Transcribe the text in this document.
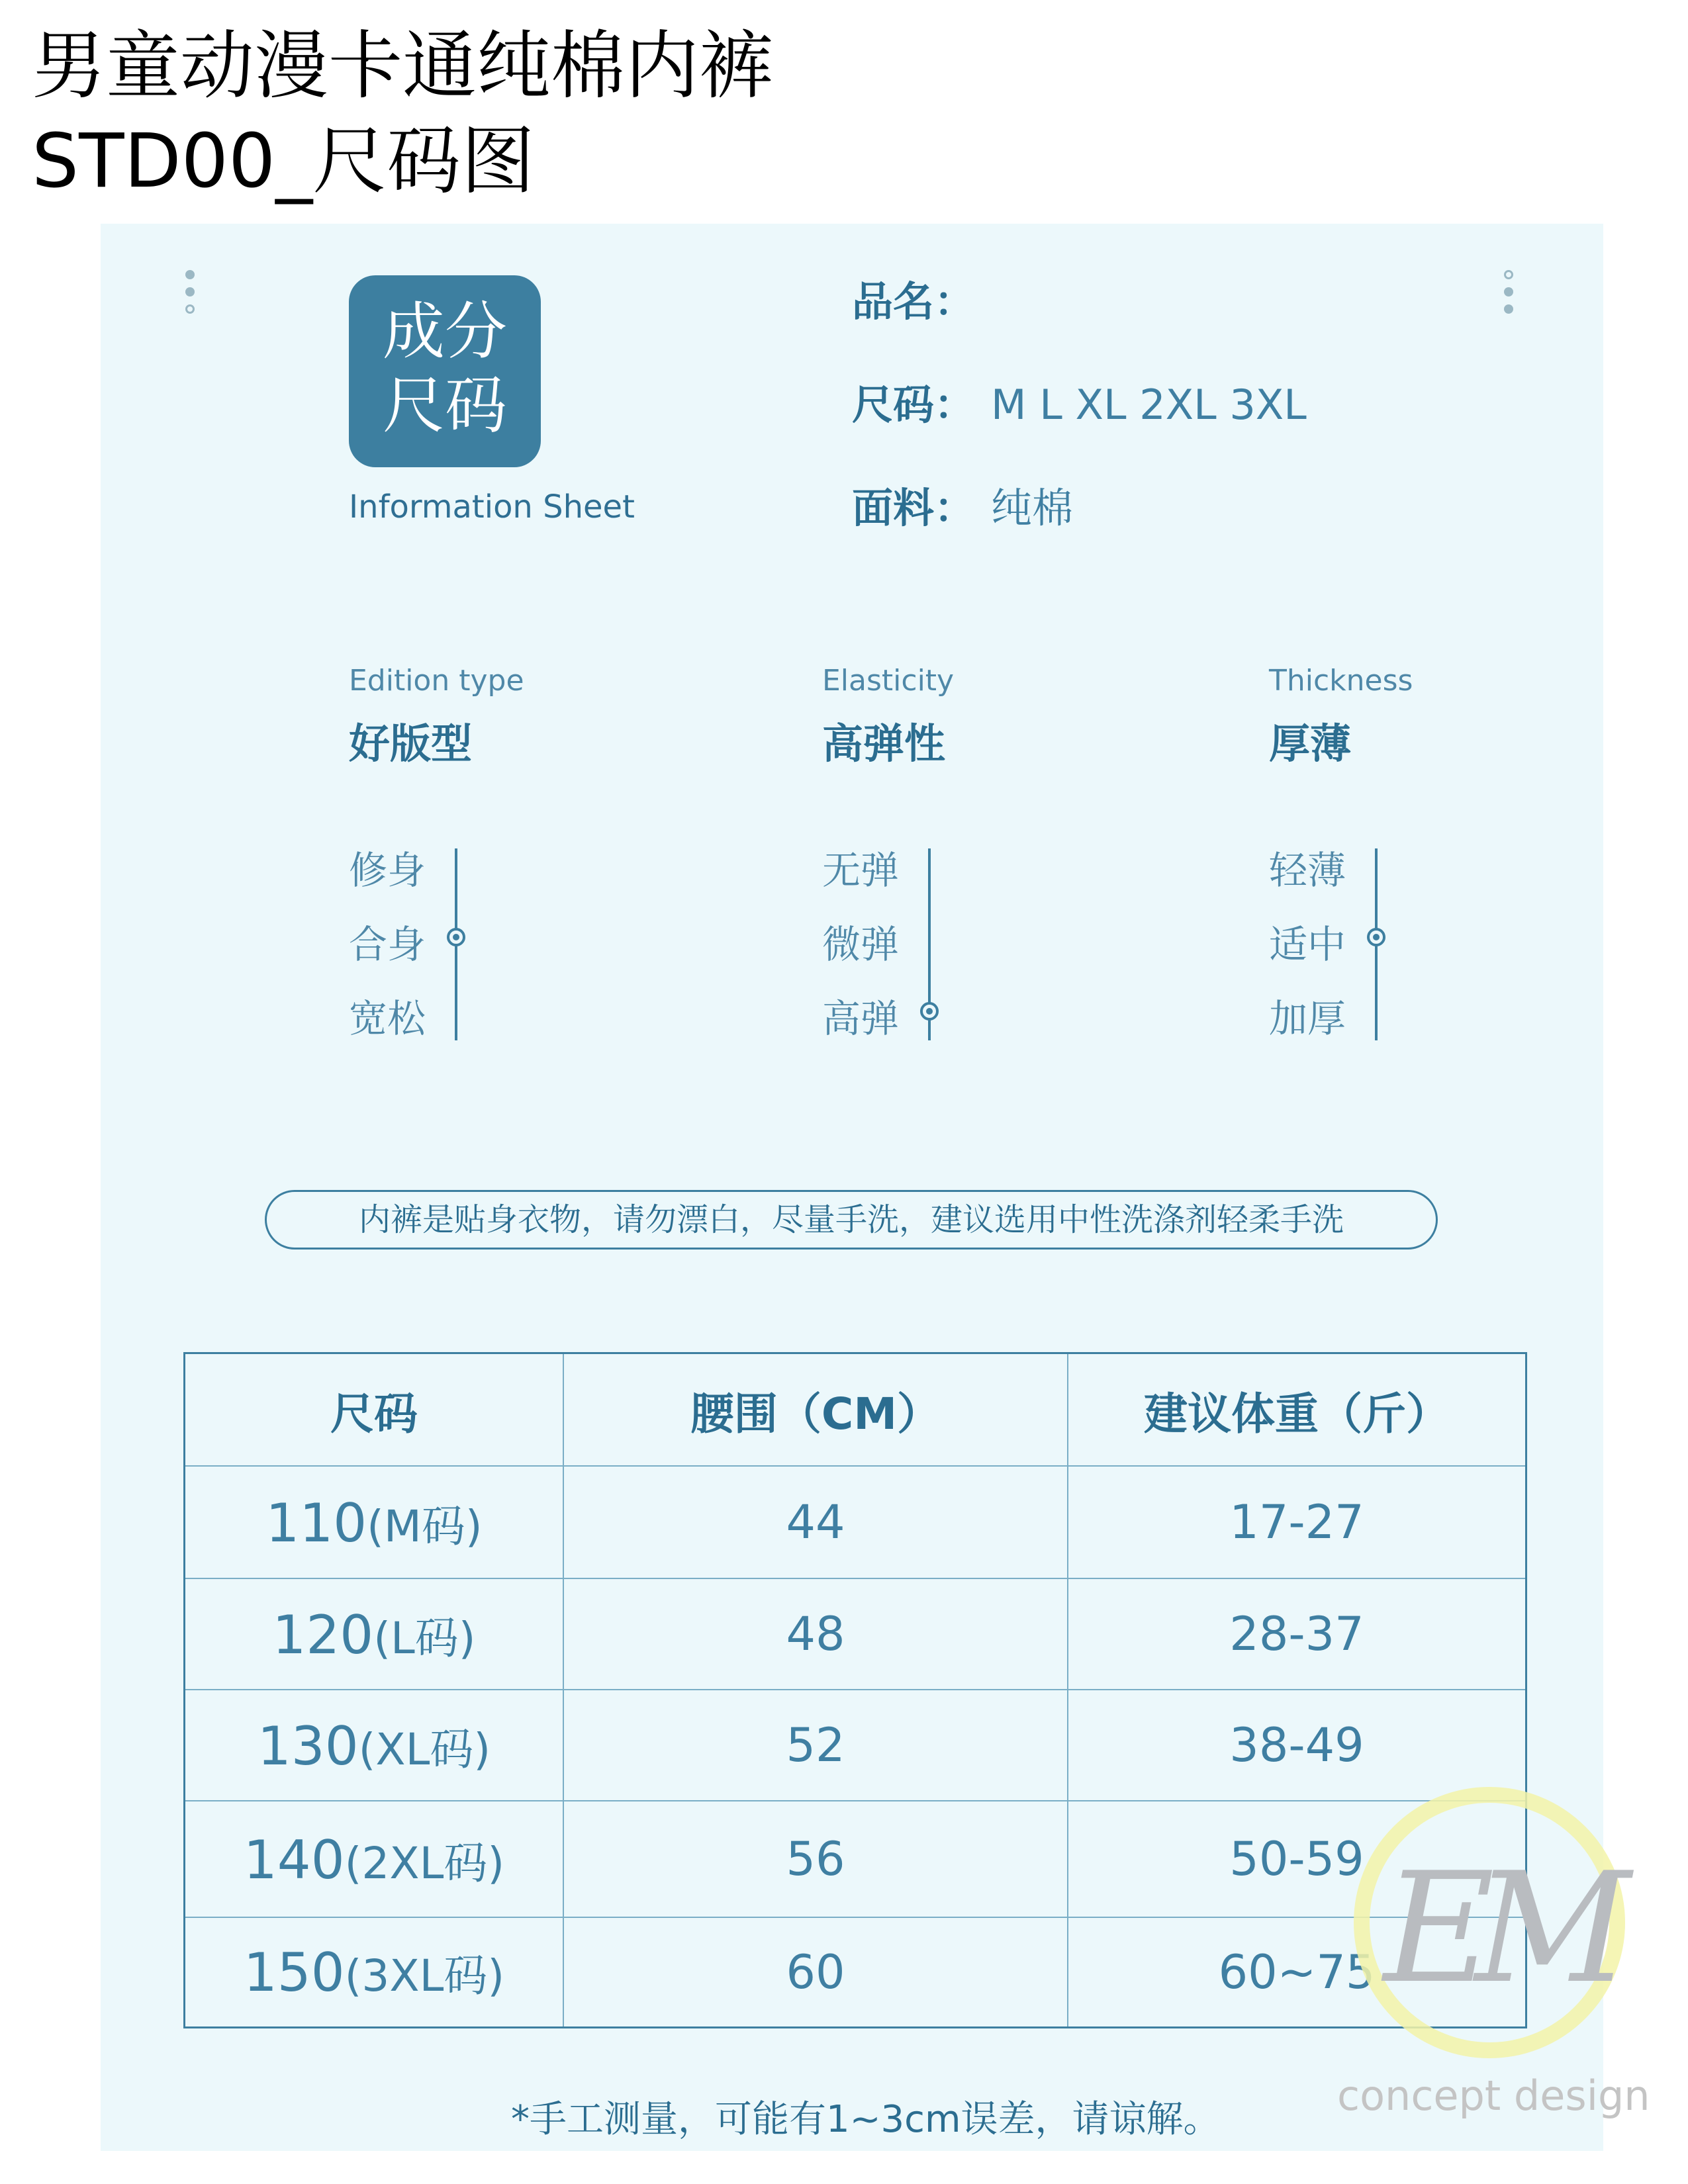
男童动漫卡通纯棉内裤
STD00_尺码图
成分
尺码
Information Sheet
品名：
尺码： M L XL 2XL 3XL
面料： 纯棉
Edition type
好版型
修身
合身
宽松
Elasticity
高弹性
无弹
微弹
高弹
Thickness
厚薄
轻薄
适中
加厚
内裤是贴身衣物，请勿漂白，尽量手洗，建议选用中性洗涤剂轻柔手洗
尺码	腰围（CM）	建议体重（斤）
110(M码)	44	17-27
120(L码)	48	28-37
130(XL码)	52	38-49
140(2XL码)	56	50-59
150(3XL码)	60	60~75
*手工测量，可能有1~3cm误差，请谅解。
EM
concept design
